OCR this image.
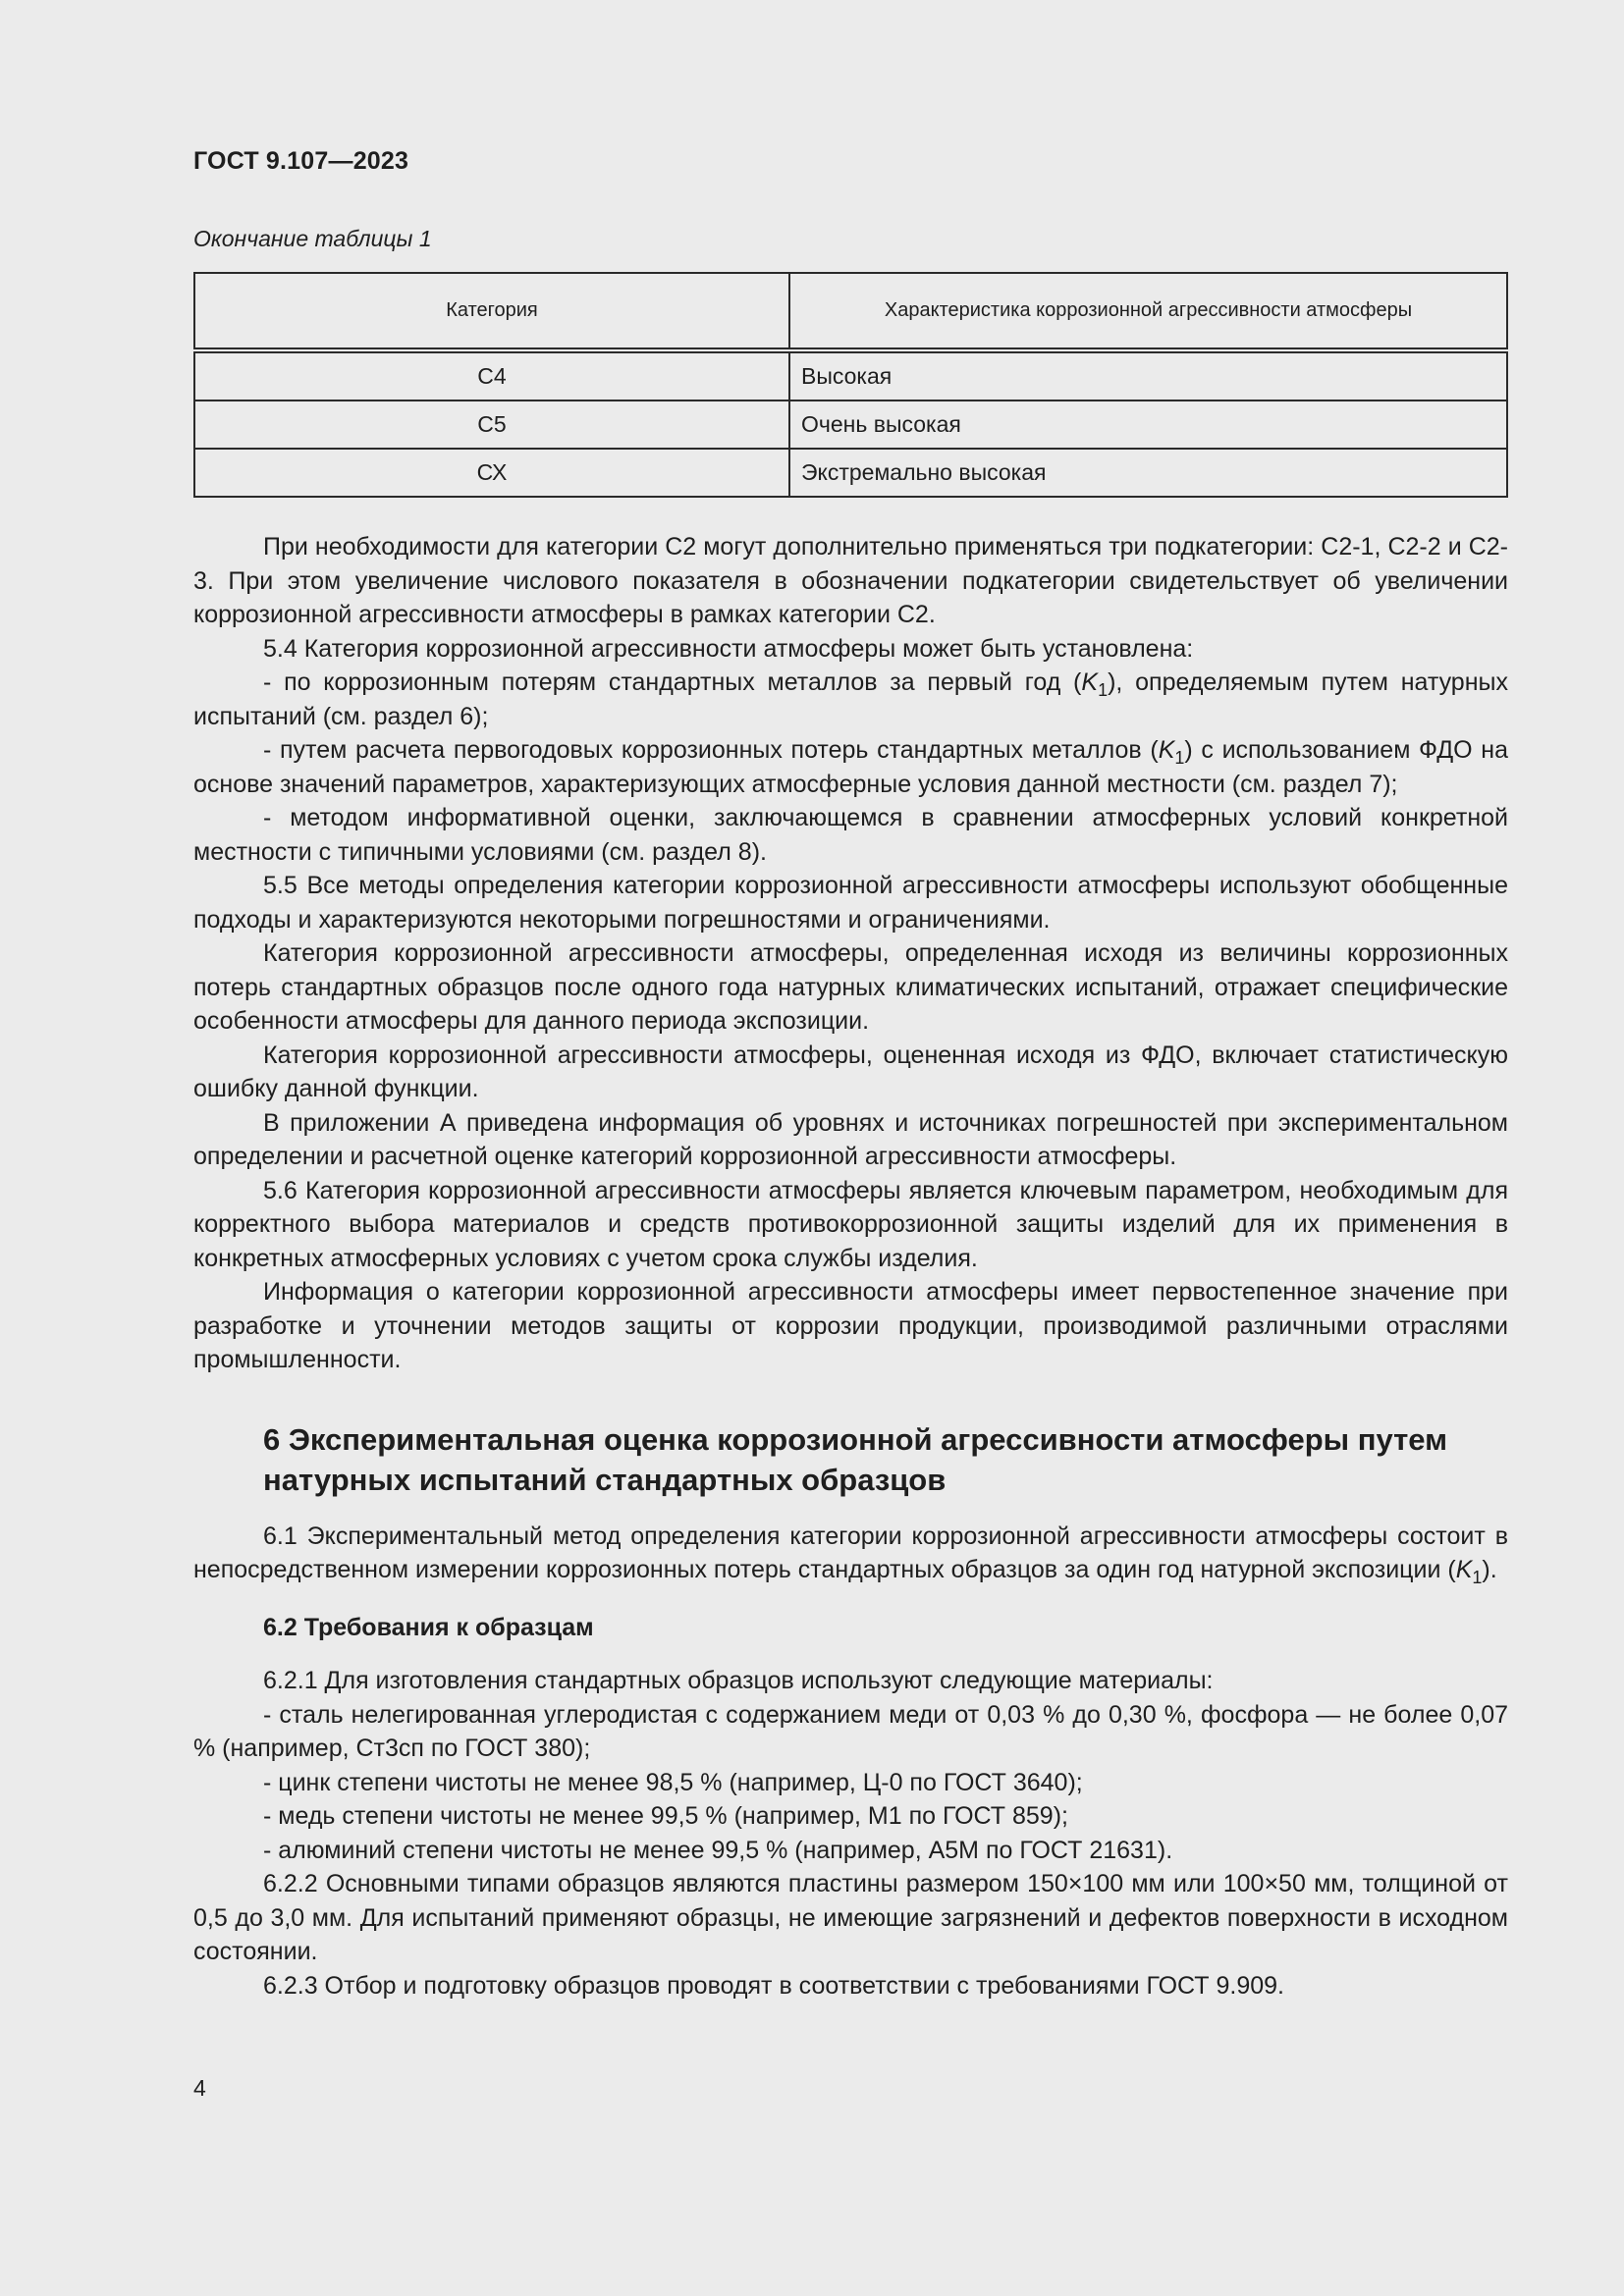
ГОСТ 9.107—2023
Окончание таблицы 1
Категория	Характеристика коррозионной агрессивности атмосферы
С4	Высокая
С5	Очень высокая
СХ	Экстремально высокая

При необходимости для категории С2 могут дополнительно применяться три подкатегории: С2-1, С2-2 и С2-3. При этом увеличение числового показателя в обозначении подкатегории свидетельствует об увеличении коррозионной агрессивности атмосферы в рамках категории С2.

5.4 Категория коррозионной агрессивности атмосферы может быть установлена:

- по коррозионным потерям стандартных металлов за первый год $(K_1)$, определяемым путем натурных испытаний (см. раздел 6);

- путем расчета первогодовых коррозионных потерь стандартных металлов $(K_1)$ с использованием ФДО на основе значений параметров, характеризующих атмосферные условия данной местности (см. раздел 7);

- методом информативной оценки, заключающемся в сравнении атмосферных условий конкретной местности с типичными условиями (см. раздел 8).

5.5 Все методы определения категории коррозионной агрессивности атмосферы используют обобщенные подходы и характеризуются некоторыми погрешностями и ограничениями.

Категория коррозионной агрессивности атмосферы, определенная исходя из величины коррозионных потерь стандартных образцов после одного года натурных климатических испытаний, отражает специфические особенности атмосферы для данного периода экспозиции.

Категория коррозионной агрессивности атмосферы, оцененная исходя из ФДО, включает статистическую ошибку данной функции.

В приложении А приведена информация об уровнях и источниках погрешностей при экспериментальном определении и расчетной оценке категорий коррозионной агрессивности атмосферы.

5.6 Категория коррозионной агрессивности атмосферы является ключевым параметром, необходимым для корректного выбора материалов и средств противокоррозионной защиты изделий для их применения в конкретных атмосферных условиях с учетом срока службы изделия.

Информация о категории коррозионной агрессивности атмосферы имеет первостепенное значение при разработке и уточнении методов защиты от коррозии продукции, производимой различными отраслями промышленности.

6 Экспериментальная оценка коррозионной агрессивности атмосферы путем натурных испытаний стандартных образцов

6.1 Экспериментальный метод определения категории коррозионной агрессивности атмосферы состоит в непосредственном измерении коррозионных потерь стандартных образцов за один год натурной экспозиции $(K_1)$.

6.2 Требования к образцам

6.2.1 Для изготовления стандартных образцов используют следующие материалы:

- сталь нелегированная углеродистая с содержанием меди от 0,03 % до 0,30 %, фосфора — не более 0,07 % (например, Ст3сп по ГОСТ 380);

- цинк степени чистоты не менее 98,5 % (например, Ц-0 по ГОСТ 3640);

- медь степени чистоты не менее 99,5 % (например, М1 по ГОСТ 859);

- алюминий степени чистоты не менее 99,5 % (например, А5М по ГОСТ 21631).

6.2.2 Основными типами образцов являются пластины размером 150×100 мм или 100×50 мм, толщиной от 0,5 до 3,0 мм. Для испытаний применяют образцы, не имеющие загрязнений и дефектов поверхности в исходном состоянии.

6.2.3 Отбор и подготовку образцов проводят в соответствии с требованиями ГОСТ 9.909.

4
